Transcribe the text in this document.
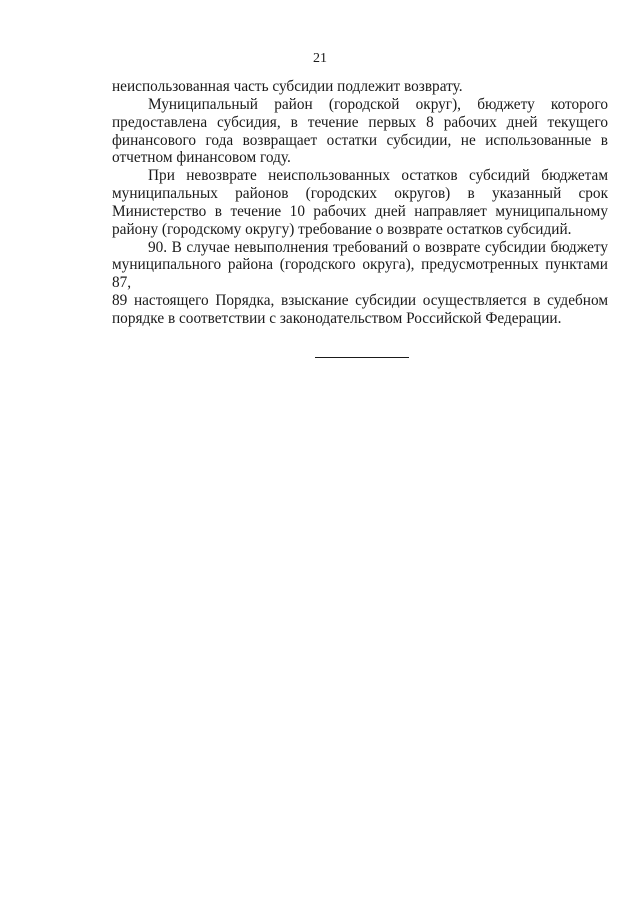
21
неиспользованная часть субсидии подлежит возврату.
Муниципальный район (городской округ), бюджету которого
предоставлена субсидия, в течение первых 8 рабочих дней текущего
финансового года возвращает остатки субсидии, не использованные в
отчетном финансовом году.
При невозврате неиспользованных остатков субсидий бюджетам
муниципальных районов (городских округов) в указанный срок
Министерство в течение 10 рабочих дней направляет муниципальному
району (городскому округу) требование о возврате остатков субсидий.
90. В случае невыполнения требований о возврате субсидии бюджету
муниципального района (городского округа), предусмотренных пунктами 87,
89 настоящего Порядка, взыскание субсидии осуществляется в судебном
порядке в соответствии с законодательством Российской Федерации.
